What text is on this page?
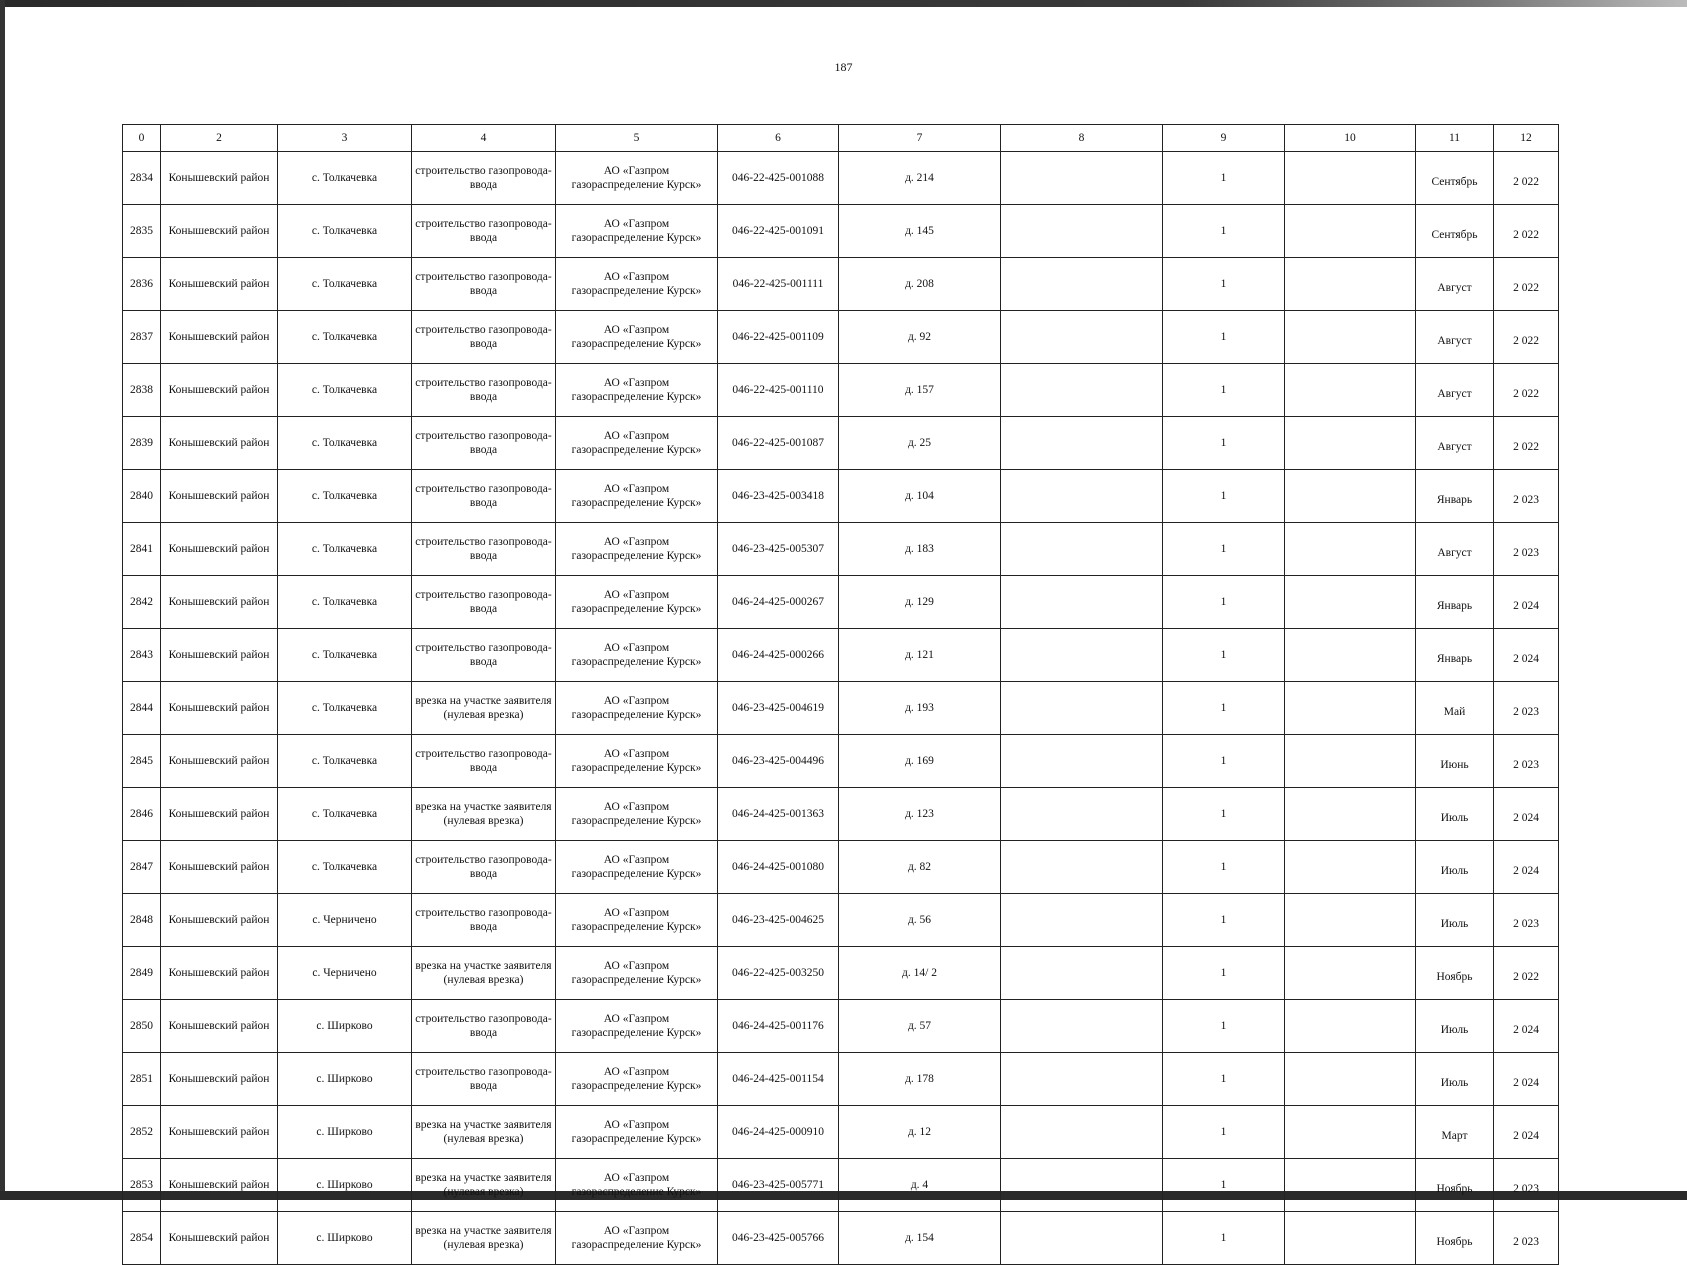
187
0	2	3	4	5	6	7	8	9	10	11	12
2834	Конышевский район	с. Толкачевка	строительство газопровода-ввода	АО «Газпром газораспределение Курск»	046-22-425-001088	д. 214		1		Сентябрь	2 022
2835	Конышевский район	с. Толкачевка	строительство газопровода-ввода	АО «Газпром газораспределение Курск»	046-22-425-001091	д. 145		1		Сентябрь	2 022
2836	Конышевский район	с. Толкачевка	строительство газопровода-ввода	АО «Газпром газораспределение Курск»	046-22-425-001111	д. 208		1		Август	2 022
2837	Конышевский район	с. Толкачевка	строительство газопровода-ввода	АО «Газпром газораспределение Курск»	046-22-425-001109	д. 92		1		Август	2 022
2838	Конышевский район	с. Толкачевка	строительство газопровода-ввода	АО «Газпром газораспределение Курск»	046-22-425-001110	д. 157		1		Август	2 022
2839	Конышевский район	с. Толкачевка	строительство газопровода-ввода	АО «Газпром газораспределение Курск»	046-22-425-001087	д. 25		1		Август	2 022
2840	Конышевский район	с. Толкачевка	строительство газопровода-ввода	АО «Газпром газораспределение Курск»	046-23-425-003418	д. 104		1		Январь	2 023
2841	Конышевский район	с. Толкачевка	строительство газопровода-ввода	АО «Газпром газораспределение Курск»	046-23-425-005307	д. 183		1		Август	2 023
2842	Конышевский район	с. Толкачевка	строительство газопровода-ввода	АО «Газпром газораспределение Курск»	046-24-425-000267	д. 129		1		Январь	2 024
2843	Конышевский район	с. Толкачевка	строительство газопровода-ввода	АО «Газпром газораспределение Курск»	046-24-425-000266	д. 121		1		Январь	2 024
2844	Конышевский район	с. Толкачевка	врезка на участке заявителя (нулевая врезка)	АО «Газпром газораспределение Курск»	046-23-425-004619	д. 193		1		Май	2 023
2845	Конышевский район	с. Толкачевка	строительство газопровода-ввода	АО «Газпром газораспределение Курск»	046-23-425-004496	д. 169		1		Июнь	2 023
2846	Конышевский район	с. Толкачевка	врезка на участке заявителя (нулевая врезка)	АО «Газпром газораспределение Курск»	046-24-425-001363	д. 123		1		Июль	2 024
2847	Конышевский район	с. Толкачевка	строительство газопровода-ввода	АО «Газпром газораспределение Курск»	046-24-425-001080	д. 82		1		Июль	2 024
2848	Конышевский район	с. Черничено	строительство газопровода-ввода	АО «Газпром газораспределение Курск»	046-23-425-004625	д. 56		1		Июль	2 023
2849	Конышевский район	с. Черничено	врезка на участке заявителя (нулевая врезка)	АО «Газпром газораспределение Курск»	046-22-425-003250	д. 14/ 2		1		Ноябрь	2 022
2850	Конышевский район	с. Ширково	строительство газопровода-ввода	АО «Газпром газораспределение Курск»	046-24-425-001176	д. 57		1		Июль	2 024
2851	Конышевский район	с. Ширково	строительство газопровода-ввода	АО «Газпром газораспределение Курск»	046-24-425-001154	д. 178		1		Июль	2 024
2852	Конышевский район	с. Ширково	врезка на участке заявителя (нулевая врезка)	АО «Газпром газораспределение Курск»	046-24-425-000910	д. 12		1		Март	2 024
2853	Конышевский район	с. Ширково	врезка на участке заявителя (нулевая врезка)	АО «Газпром газораспределение Курск»	046-23-425-005771	д. 4		1		Ноябрь	2 023
2854	Конышевский район	с. Ширково	врезка на участке заявителя (нулевая врезка)	АО «Газпром газораспределение Курск»	046-23-425-005766	д. 154		1		Ноябрь	2 023
